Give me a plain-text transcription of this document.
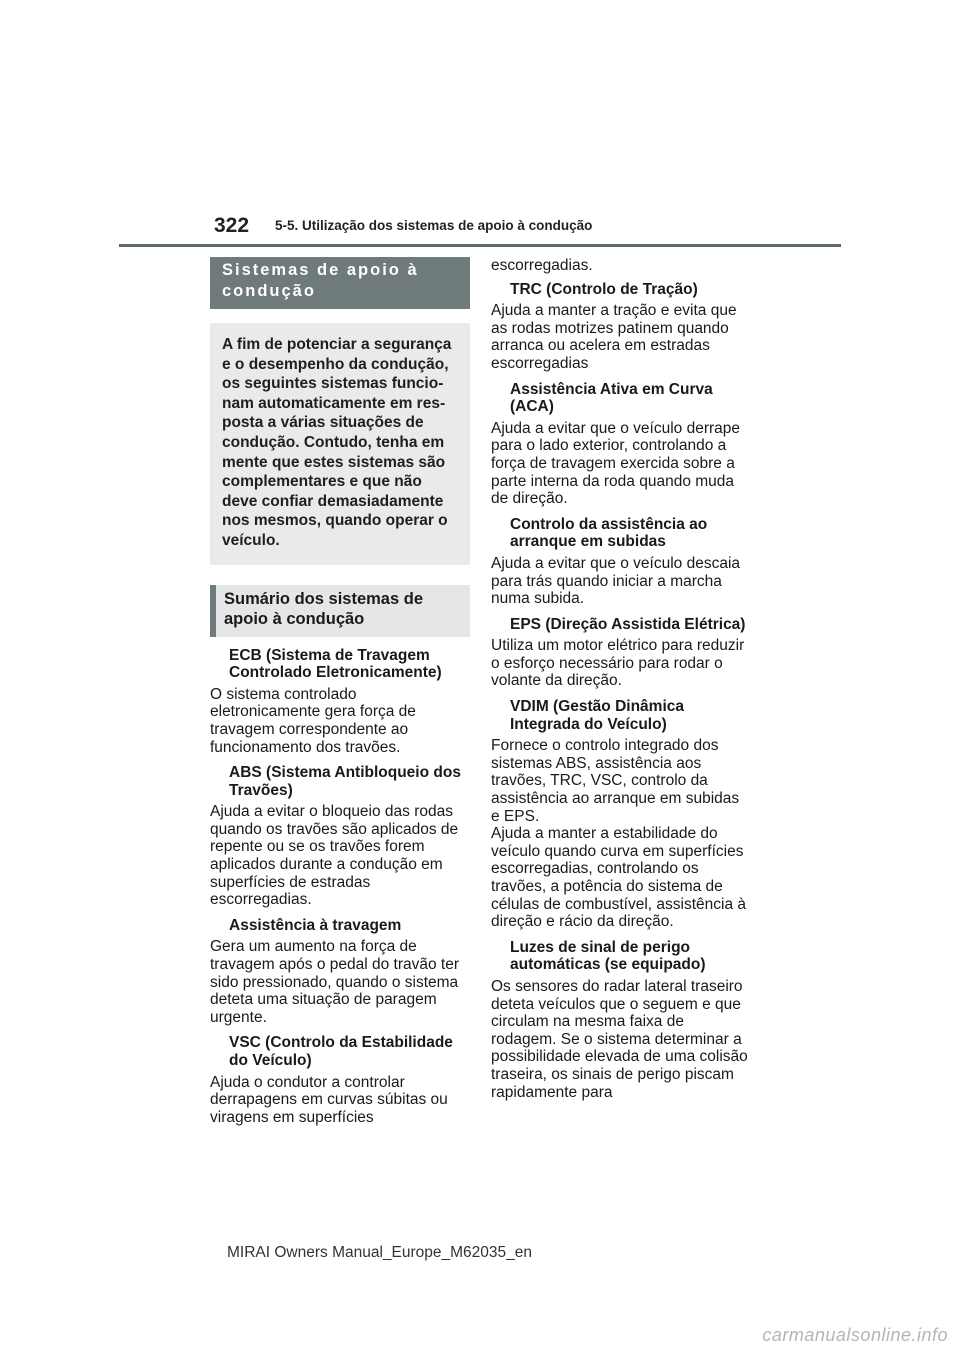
322 5-5. Utilização dos sistemas de apoio à condução
Sistemas de apoio à condução
A fim de potenciar a segurança e o desempenho da condução, os seguintes sistemas funcio-nam automaticamente em res-posta a várias situações de condução. Contudo, tenha em mente que estes sistemas são complementares e que não deve confiar demasiadamente nos mesmos, quando operar o veículo.
Sumário dos sistemas de apoio à condução
ECB (Sistema de Travagem Controlado Eletronicamente)
O sistema controlado eletronicamente gera força de travagem correspondente ao funcionamento dos travões.
ABS (Sistema Antibloqueio dos Travões)
Ajuda a evitar o bloqueio das rodas quando os travões são aplicados de repente ou se os travões forem aplicados durante a condução em superfícies de estradas escorregadias.
Assistência à travagem
Gera um aumento na força de travagem após o pedal do travão ter sido pressionado, quando o sistema deteta uma situação de paragem urgente.
VSC (Controlo da Estabilidade do Veículo)
Ajuda o condutor a controlar derrapagens em curvas súbitas ou viragens em superfícies
escorregadias.
TRC (Controlo de Tração)
Ajuda a manter a tração e evita que as rodas motrizes patinem quando arranca ou acelera em estradas escorregadias
Assistência Ativa em Curva (ACA)
Ajuda a evitar que o veículo derrape para o lado exterior, controlando a força de travagem exercida sobre a parte interna da roda quando muda de direção.
Controlo da assistência ao arranque em subidas
Ajuda a evitar que o veículo descaia para trás quando iniciar a marcha numa subida.
EPS (Direção Assistida Elétrica)
Utiliza um motor elétrico para reduzir o esforço necessário para rodar o volante da direção.
VDIM (Gestão Dinâmica Integrada do Veículo)
Fornece o controlo integrado dos sistemas ABS, assistência aos travões, TRC, VSC, controlo da assistência ao arranque em subidas e EPS.
Ajuda a manter a estabilidade do veículo quando curva em superfícies escorregadias, controlando os travões, a potência do sistema de células de combustível, assistência à direção e rácio da direção.
Luzes de sinal de perigo automáticas (se equipado)
Os sensores do radar lateral traseiro deteta veículos que o seguem e que circulam na mesma faixa de rodagem. Se o sistema determinar a possibilidade elevada de uma colisão traseira, os sinais de perigo piscam rapidamente para
MIRAI Owners Manual_Europe_M62035_en
carmanualsonline.info
